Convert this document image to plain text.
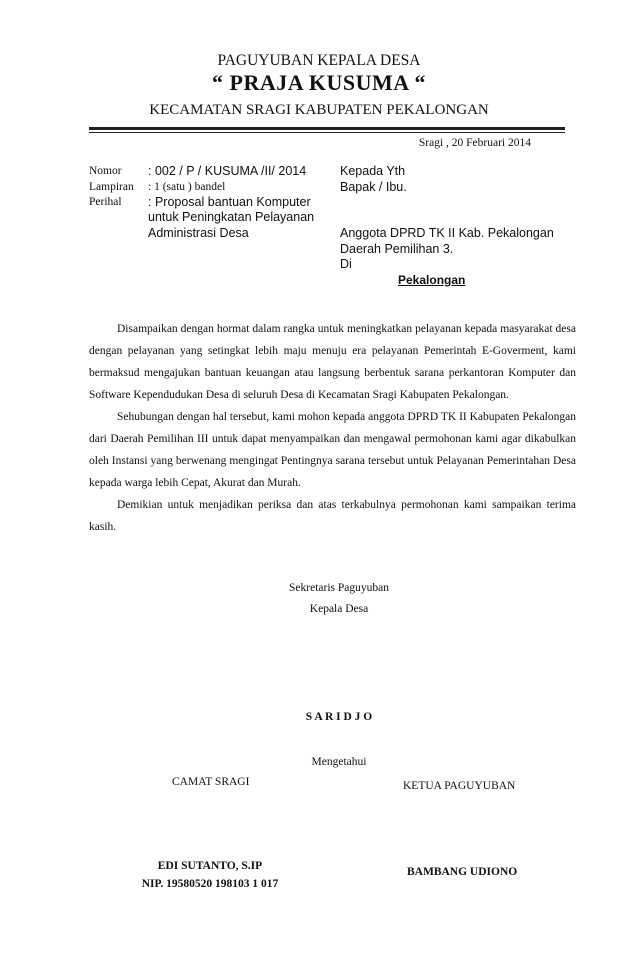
PAGUYUBAN KEPALA DESA
“ PRAJA KUSUMA “
KECAMATAN SRAGI KABUPATEN PEKALONGAN
Sragi , 20 Februari 2014
Nomor : 002 / P / KUSUMA /II/ 2014
Lampiran : 1 (satu ) bandel
Perihal : Proposal bantuan Komputer
untuk Peningkatan Pelayanan
Administrasi Desa
Kepada Yth
Bapak / Ibu.
Anggota DPRD TK II Kab. Pekalongan
Daerah Pemilihan 3.
Di
Pekalongan

Disampaikan dengan hormat dalam rangka untuk meningkatkan pelayanan kepada masyarakat desa dengan pelayanan yang setingkat lebih maju menuju era pelayanan Pemerintah E-Goverment, kami bermaksud mengajukan bantuan keuangan atau langsung berbentuk sarana perkantoran Komputer dan Software Kependudukan Desa di seluruh Desa di Kecamatan Sragi Kabupaten Pekalongan.

Sehubungan dengan hal tersebut, kami mohon kepada anggota DPRD TK II Kabupaten Pekalongan dari Daerah Pemilihan III untuk dapat menyampaikan dan mengawal permohonan kami agar dikabulkan oleh Instansi yang berwenang mengingat Pentingnya sarana tersebut untuk Pelayanan Pemerintahan Desa kepada warga lebih Cepat, Akurat dan Murah.

Demikian untuk menjadikan periksa dan atas terkabulnya permohonan kami sampaikan terima kasih.

Sekretaris Paguyuban
Kepala Desa
S A R I D J O
Mengetahui
CAMAT SRAGI	KETUA PAGUYUBAN
EDI SUTANTO, S.IP
NIP. 19580520 198103 1 017
BAMBANG UDIONO
